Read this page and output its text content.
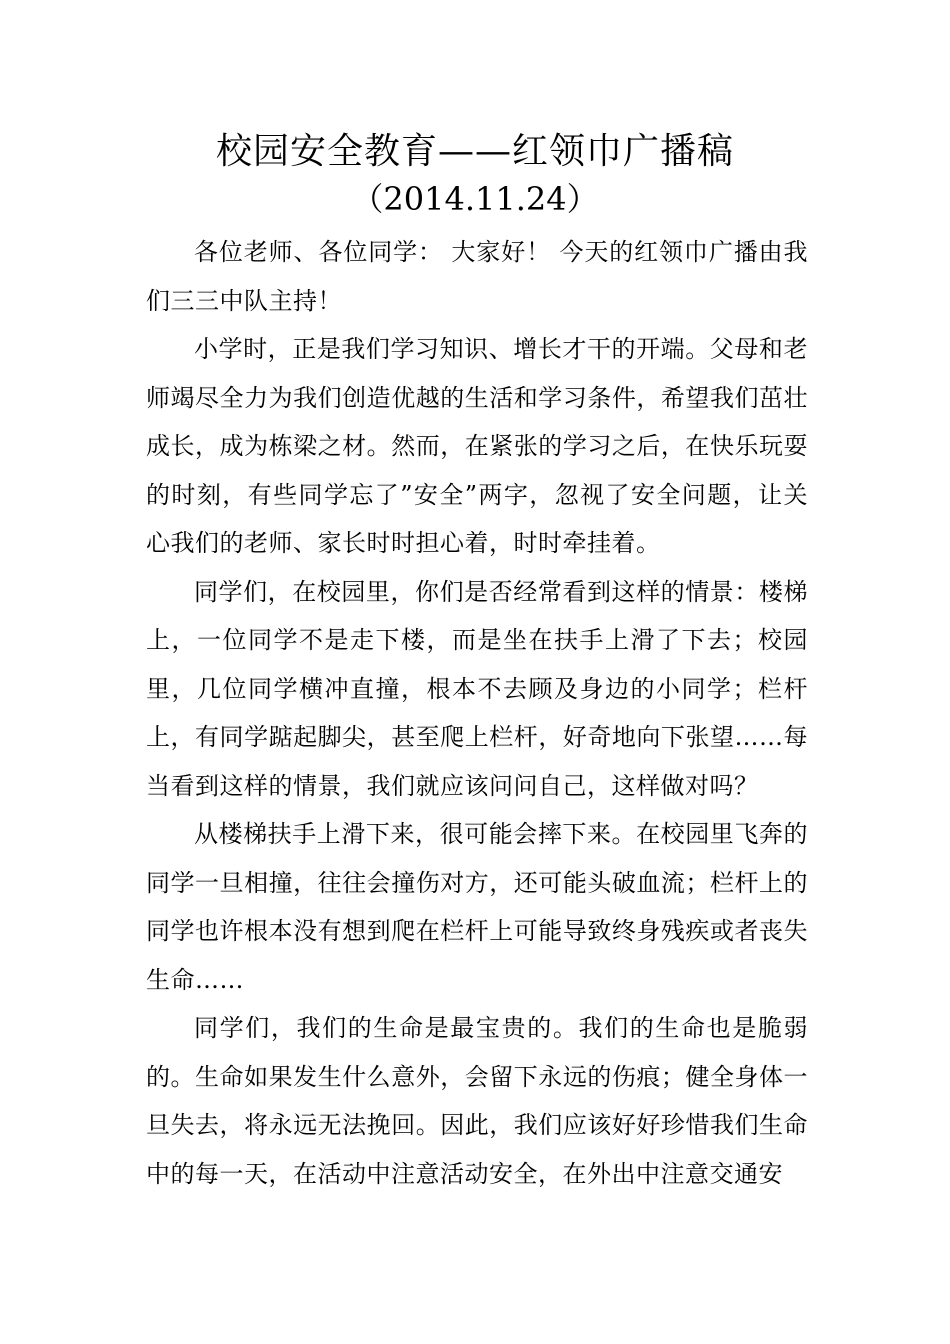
校园安全教育——红领巾广播稿
（2014.11.24）

各位老师、各位同学： 大家好！ 今天的红领巾广播由我们三三中队主持！

小学时，正是我们学习知识、增长才干的开端。父母和老师竭尽全力为我们创造优越的生活和学习条件，希望我们茁壮成长，成为栋梁之材。然而，在紧张的学习之后，在快乐玩耍的时刻，有些同学忘了”安全”两字，忽视了安全问题，让关心我们的老师、家长时时担心着，时时牵挂着。

同学们，在校园里，你们是否经常看到这样的情景：楼梯上，一位同学不是走下楼，而是坐在扶手上滑了下去；校园里，几位同学横冲直撞，根本不去顾及身边的小同学；栏杆上，有同学踮起脚尖，甚至爬上栏杆，好奇地向下张望……每当看到这样的情景，我们就应该问问自己，这样做对吗？

从楼梯扶手上滑下来，很可能会摔下来。在校园里飞奔的同学一旦相撞，往往会撞伤对方，还可能头破血流；栏杆上的同学也许根本没有想到爬在栏杆上可能导致终身残疾或者丧失生命……

同学们，我们的生命是最宝贵的。我们的生命也是脆弱的。生命如果发生什么意外，会留下永远的伤痕；健全身体一旦失去，将永远无法挽回。因此，我们应该好好珍惜我们生命中的每一天，在活动中注意活动安全，在外出中注意交通安
